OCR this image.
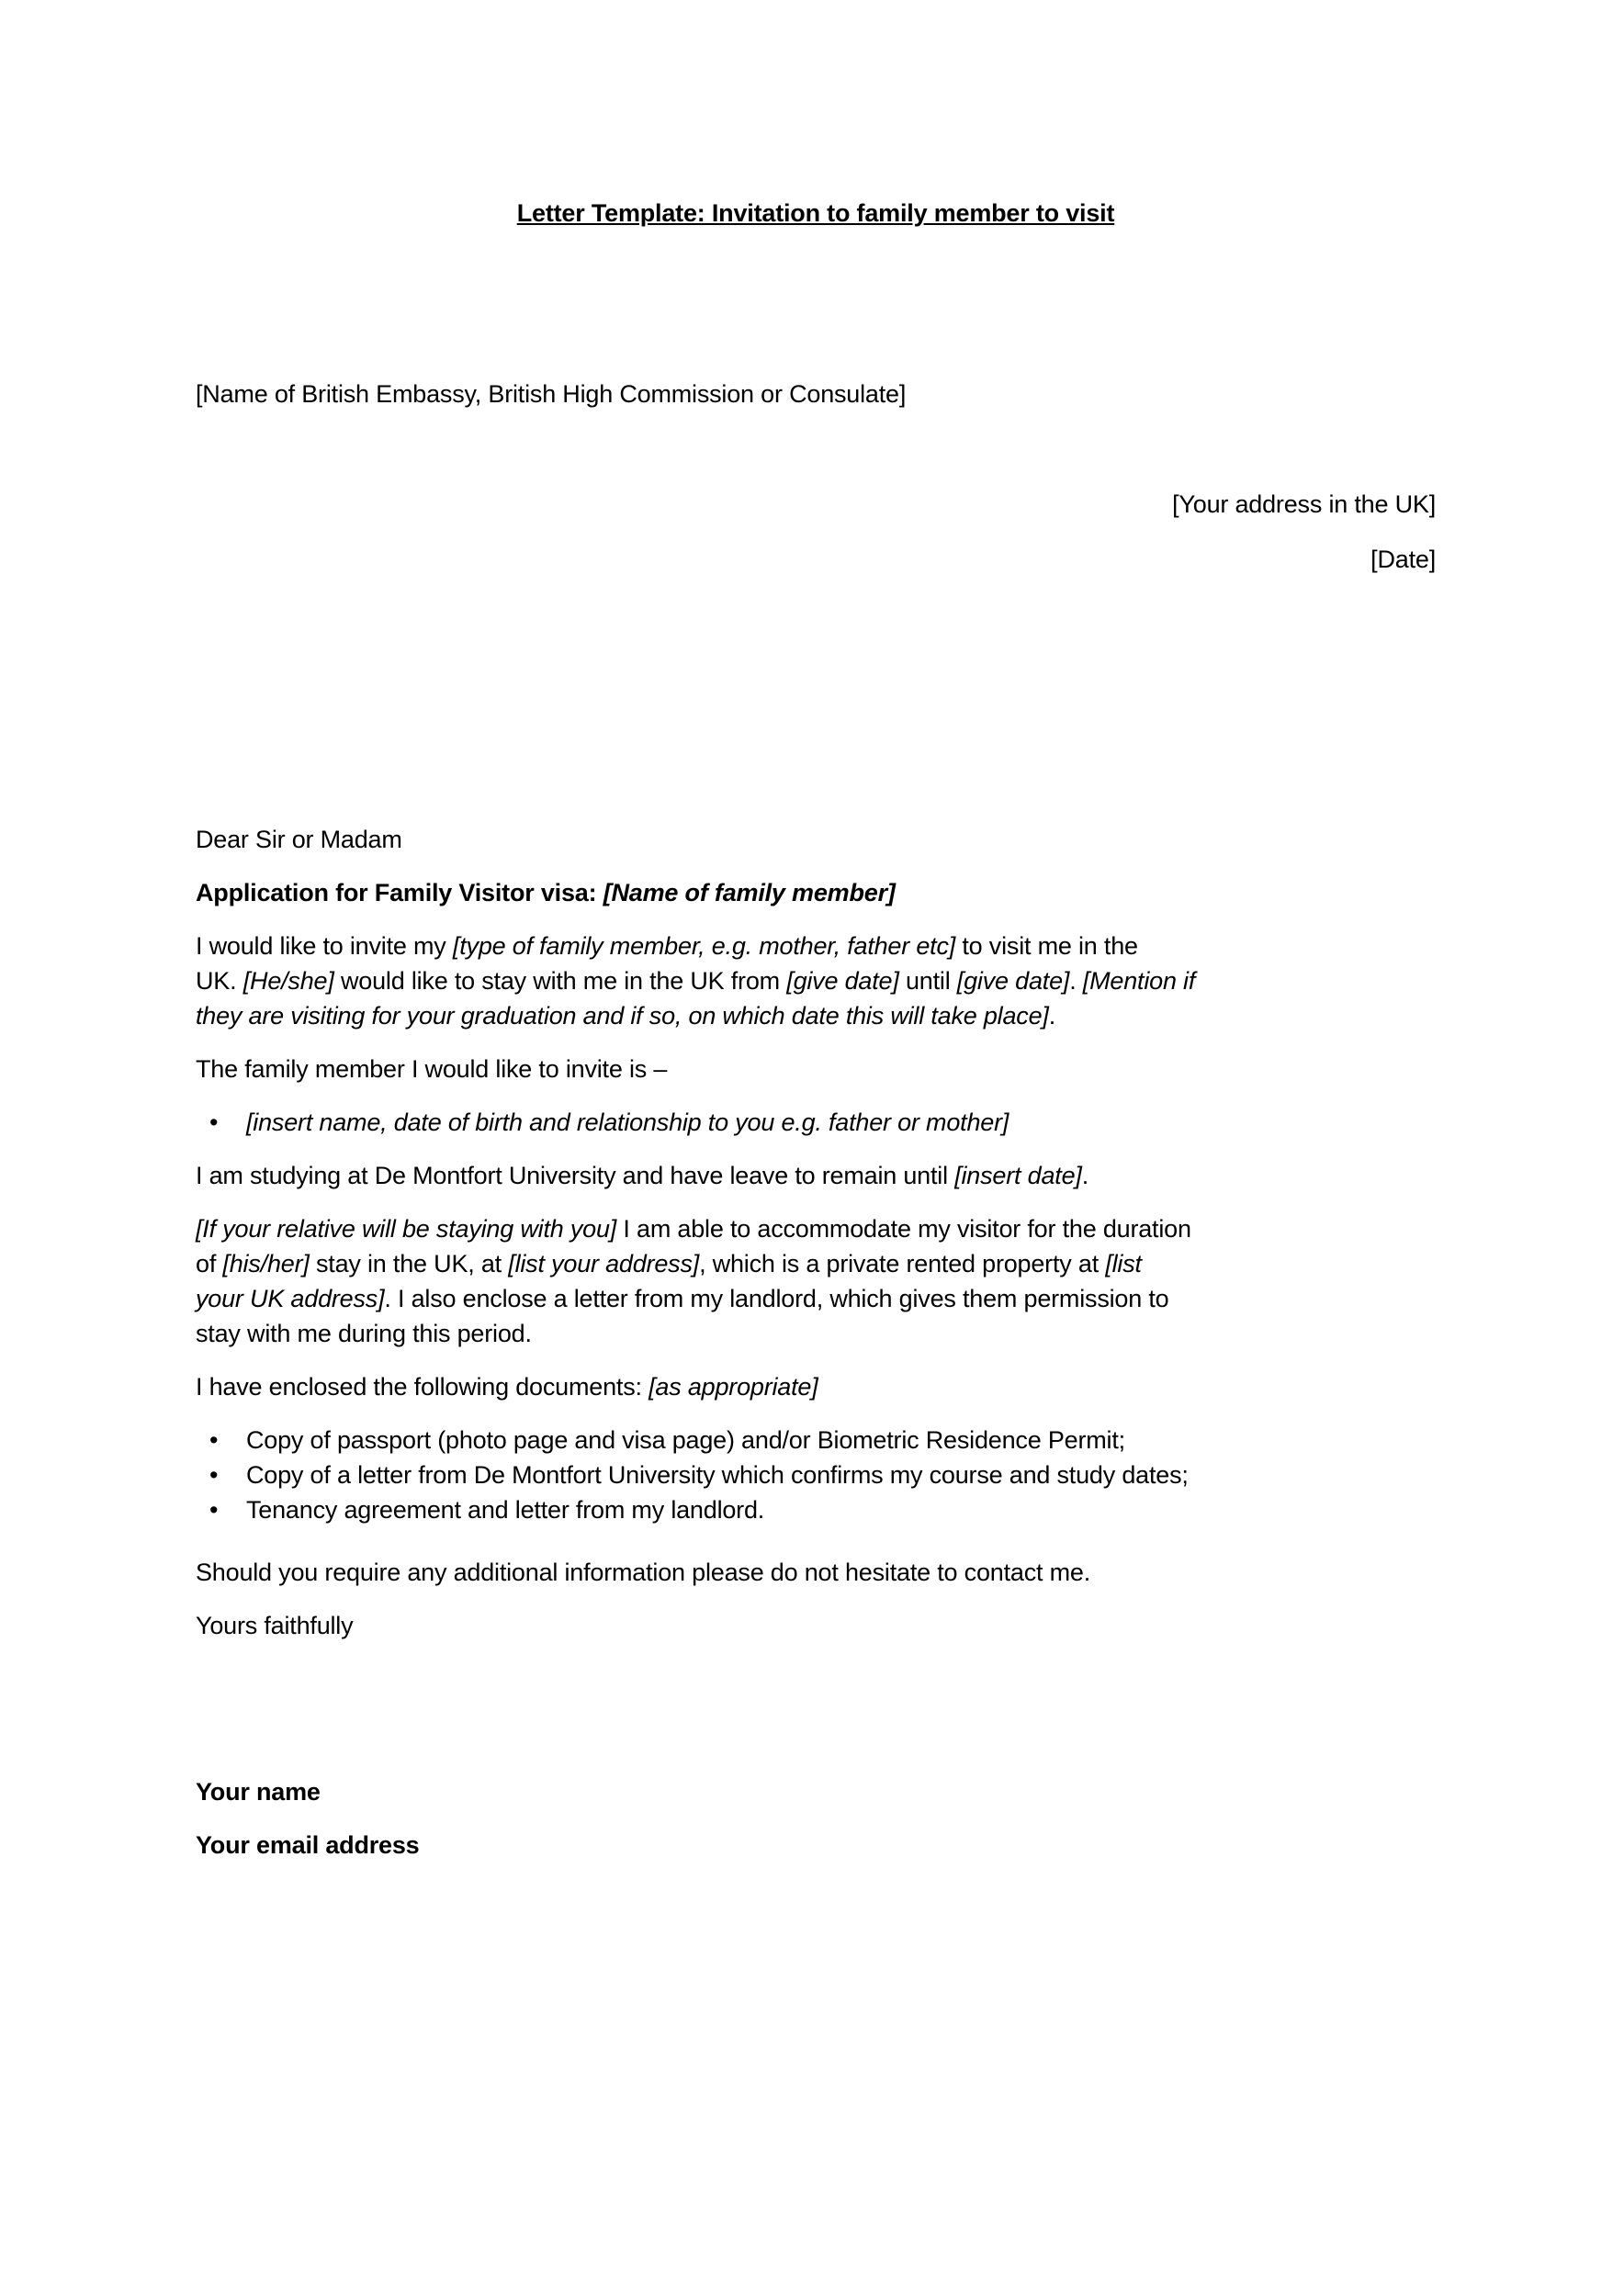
Letter Template: Invitation to family member to visit
[Name of British Embassy, British High Commission or Consulate]
[Your address in the UK]
[Date]
Dear Sir or Madam
Application for Family Visitor visa: [Name of family member]
I would like to invite my [type of family member, e.g. mother, father etc] to visit me in the
UK. [He/she] would like to stay with me in the UK from [give date] until [give date]. [Mention if
they are visiting for your graduation and if so, on which date this will take place].
The family member I would like to invite is –
• [insert name, date of birth and relationship to you e.g. father or mother]
I am studying at De Montfort University and have leave to remain until [insert date].
[If your relative will be staying with you] I am able to accommodate my visitor for the duration
of [his/her] stay in the UK, at [list your address], which is a private rented property at [list
your UK address]. I also enclose a letter from my landlord, which gives them permission to
stay with me during this period.
I have enclosed the following documents: [as appropriate]
• Copy of passport (photo page and visa page) and/or Biometric Residence Permit;
• Copy of a letter from De Montfort University which confirms my course and study dates;
• Tenancy agreement and letter from my landlord.
Should you require any additional information please do not hesitate to contact me.
Yours faithfully
Your name
Your email address
